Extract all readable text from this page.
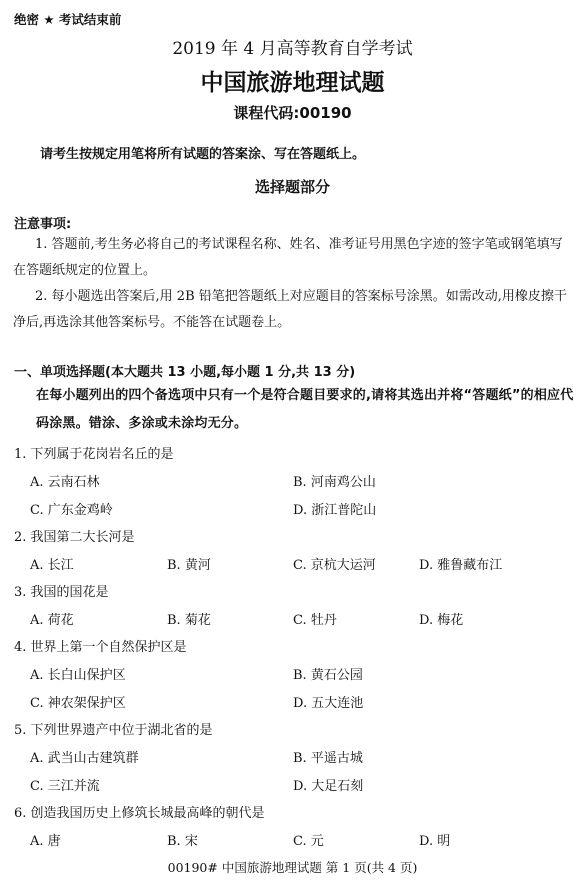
绝密 ★ 考试结束前
2019 年 4 月高等教育自学考试
中国旅游地理试题
课程代码:00190
请考生按规定用笔将所有试题的答案涂、写在答题纸上。
选择题部分
注意事项:
1. 答题前,考生务必将自己的考试课程名称、姓名、准考证号用黑色字迹的签字笔或钢笔填写在答题纸规定的位置上。
2. 每小题选出答案后,用 2B 铅笔把答题纸上对应题目的答案标号涂黑。如需改动,用橡皮擦干净后,再选涂其他答案标号。不能答在试题卷上。
一、单项选择题(本大题共 13 小题,每小题 1 分,共 13 分)
在每小题列出的四个备选项中只有一个是符合题目要求的,请将其选出并将“答题纸”的相应代码涂黑。错涂、多涂或未涂均无分。
1. 下列属于花岗岩名丘的是
A. 云南石林	B. 河南鸡公山
C. 广东金鸡岭	D. 浙江普陀山
2. 我国第二大长河是
A. 长江	B. 黄河	C. 京杭大运河	D. 雅鲁藏布江
3. 我国的国花是
A. 荷花	B. 菊花	C. 牡丹	D. 梅花
4. 世界上第一个自然保护区是
A. 长白山保护区	B. 黄石公园
C. 神农架保护区	D. 五大连池
5. 下列世界遗产中位于湖北省的是
A. 武当山古建筑群	B. 平遥古城
C. 三江并流	D. 大足石刻
6. 创造我国历史上修筑长城最高峰的朝代是
A. 唐	B. 宋	C. 元	D. 明
00190# 中国旅游地理试题 第 1 页(共 4 页)
